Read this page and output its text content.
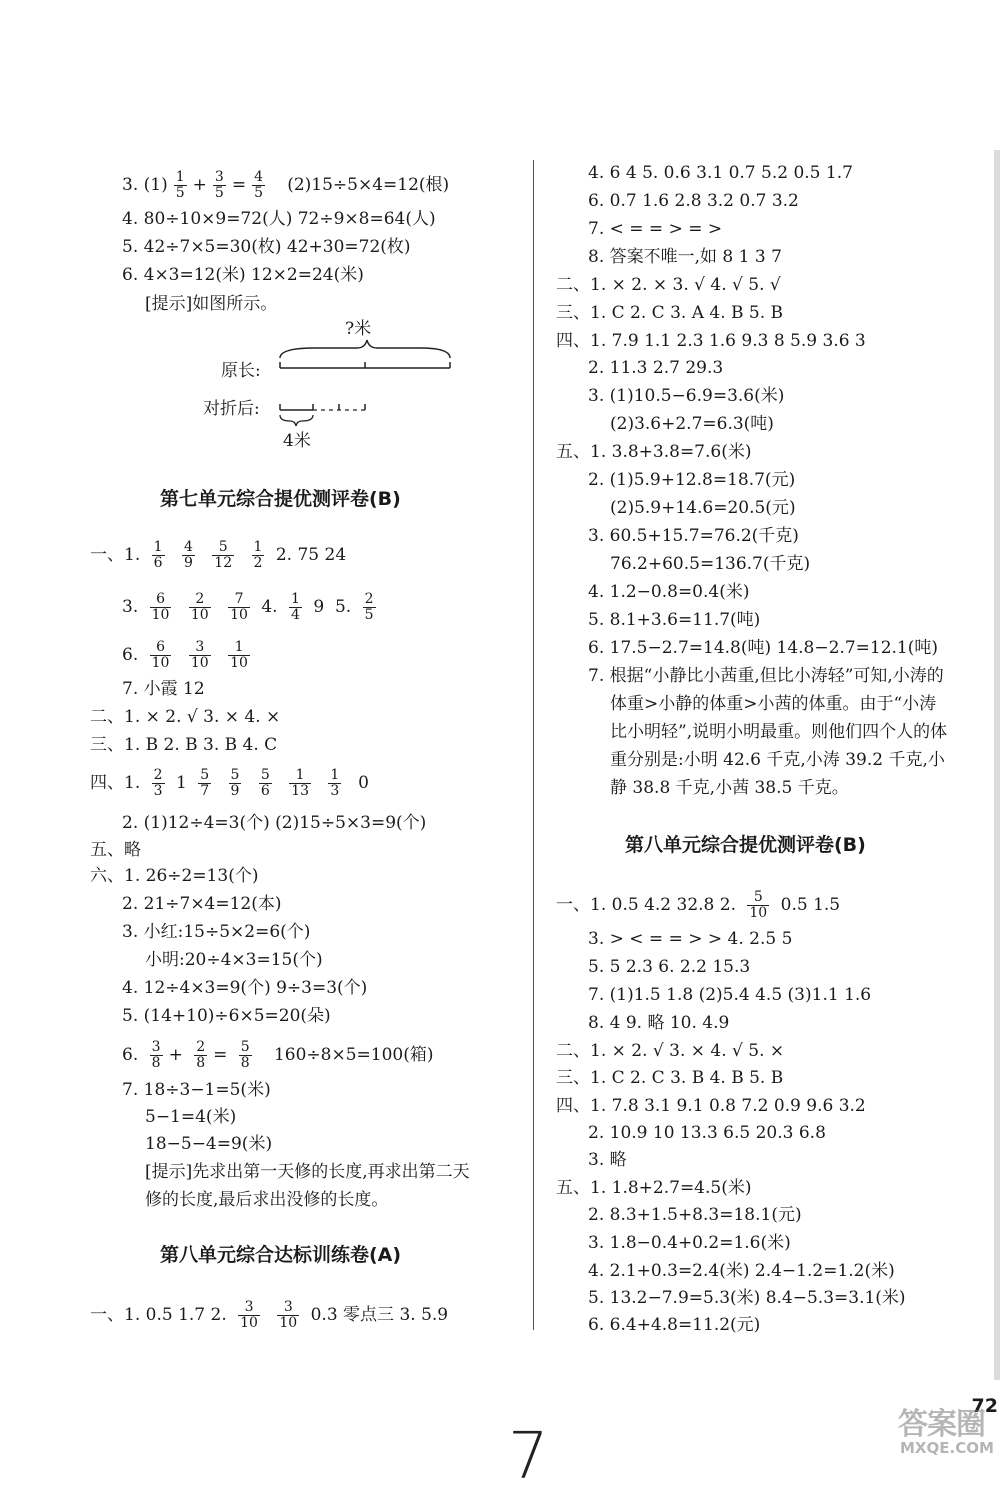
3. $(1) \frac{1}{5} + \frac{3}{5} = \frac{4}{5} (2)15\div 5\times 4=12$(根)
4. 80÷10×9=72(人) 72÷9×8=64(人)
5. 42÷7×5=30(枚) 42+30=72(枚)
6. 4×3=12(米) 12×2=24(米)
[提示]如图所示。
?米
原长:
对折后:
4米
第七单元综合提优测评卷(B)
一、1. $\frac{1}{6}$
$\frac{4}{9}$
$\frac{5}{12}$
$\frac{1}{2} 2$. 75 24
3. $\frac{6}{10}$
$\frac{2}{10}$
$\frac{7}{10} 4$. $\frac{1}{4} 9$ 5. $\frac{2}{5}$
6. $\frac{6}{10}$
$\frac{3}{10}$
$\frac{1}{10}$
7. 小霞 12
二、1. × 2. √ 3. × 4. ×
三、1. B 2. B 3. B 4. C
四、1. $\frac{2}{3} 1 \frac{5}{7}$
$\frac{5}{9}$
$\frac{5}{6}$
$\frac{1}{13}$
$\frac{1}{3} 0$
2. (1)12÷4=3(个) (2)15÷5×3=9(个)
五、略
六、1. 26÷2=13(个)
2. 21÷7×4=12(本)
3. 小红:15÷5×2=6(个)
小明:20÷4×3=15(个)
4. 12÷4×3=9(个) 9÷3=3(个)
5. (14+10)÷6×5=20(朵)
6. $\frac{3}{8} + \frac{2}{8} = \frac{5}{8} 160\div 8\times 5=100$(箱)
7. 18÷3−1=5(米)
5−1=4(米)
18−5−4=9(米)
[提示]先求出第一天修的长度,再求出第二天
修的长度,最后求出没修的长度。
第八单元综合达标训练卷(A)
一、1. 0.5 1.7 2. $\frac{3}{10}$
$\frac{3}{10} 0.3$ 零点三 3. 5.9
4. 6 4 5. 0.6 3.1 0.7 5.2 0.5 1.7
6. 0.7 1.6 2.8 3.2 0.7 3.2
7. < = = > = >
8. 答案不唯一,如 8 1 3 7
二、1. × 2. × 3. √ 4. √ 5. √
三、1. C 2. C 3. A 4. B 5. B
四、1. 7.9 1.1 2.3 1.6 9.3 8 5.9 3.6 3
2. 11.3 2.7 29.3
3. (1)10.5−6.9=3.6(米)
(2)3.6+2.7=6.3(吨)
五、1. 3.8+3.8=7.6(米)
2. (1)5.9+12.8=18.7(元)
(2)5.9+14.6=20.5(元)
3. 60.5+15.7=76.2(千克)
76.2+60.5=136.7(千克)
4. 1.2−0.8=0.4(米)
5. 8.1+3.6=11.7(吨)
6. 17.5−2.7=14.8(吨) 14.8−2.7=12.1(吨)
7. 根据“小静比小茜重,但比小涛轻”可知,小涛的
体重>小静的体重>小茜的体重。由于“小涛
比小明轻”,说明小明最重。则他们四个人的体
重分别是:小明 42.6 千克,小涛 39.2 千克,小
静 38.8 千克,小茜 38.5 千克。
第八单元综合提优测评卷(B)
一、1. 0.5 4.2 32.8 2. $\frac{5}{10} 0.5$ 1.5
3. > < = = > > 4. 2.5 5
5. 5 2.3 6. 2.2 15.3
7. (1)1.5 1.8 (2)5.4 4.5 (3)1.1 1.6
8. 4 9. 略 10. 4.9
二、1. × 2. √ 3. × 4. √ 5. ×
三、1. C 2. C 3. B 4. B 5. B
四、1. 7.8 3.1 9.1 0.8 7.2 0.9 9.6 3.2
2. 10.9 10 13.3 6.5 20.3 6.8
3. 略
五、1. 1.8+2.7=4.5(米)
2. 8.3+1.5+8.3=18.1(元)
3. 1.8−0.4+0.2=1.6(米)
4. 2.1+0.3=2.4(米) 2.4−1.2=1.2(米)
5. 13.2−7.9=5.3(米) 8.4−5.3=3.1(米)
6. 6.4+4.8=11.2(元)
72
7	答案圈
MXQE.COM
